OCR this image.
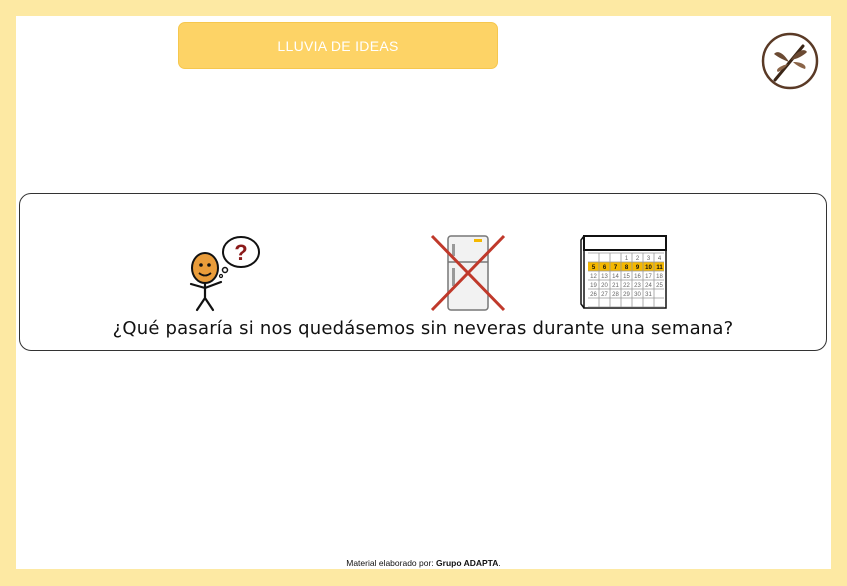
LLUVIA DE IDEAS
?	1 2 3 4
5 6 7 8 9 10 11
12 13 14 15 16 17 18
19 20 21 22 23 24 25
26 27 28 29 30 31
¿Qué pasaría si nos quedásemos sin neveras durante una semana?
Material elaborado por: Grupo ADAPTA.
